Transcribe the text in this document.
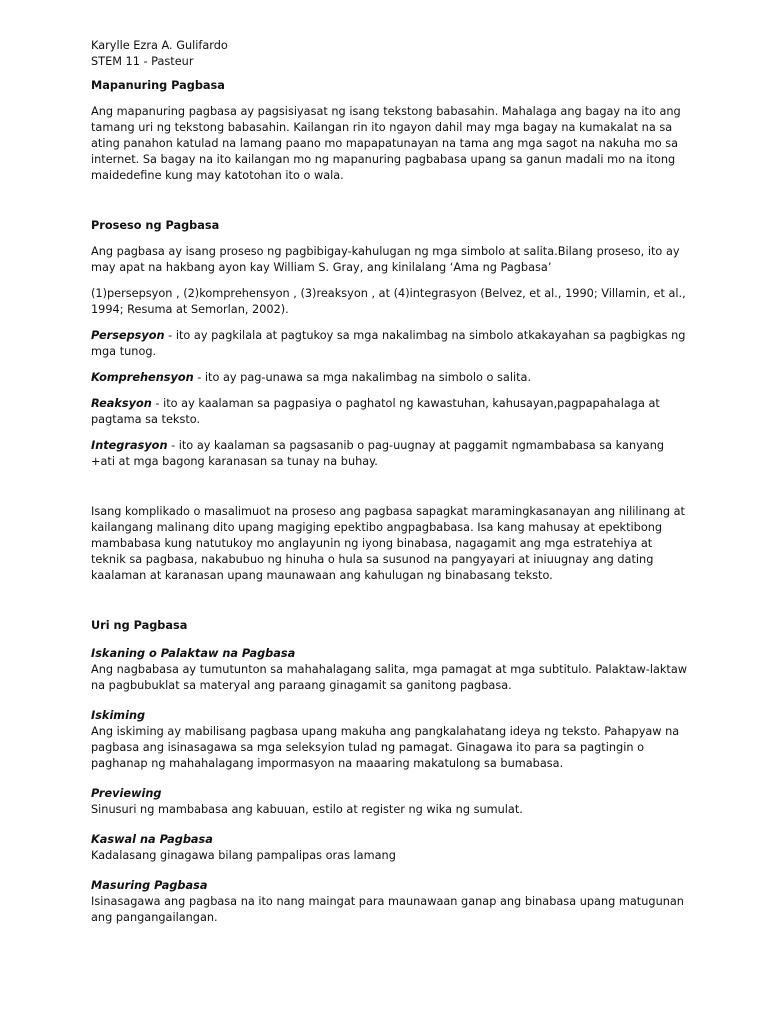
Karylle Ezra A. Gulifardo

STEM 11 - Pasteur

Mapanuring Pagbasa

Ang mapanuring pagbasa ay pagsisiyasat ng isang tekstong babasahin. Mahalaga ang bagay na ito ang tamang uri ng tekstong babasahin. Kailangan rin ito ngayon dahil may mga bagay na kumakalat na sa ating panahon katulad na lamang paano mo mapapatunayan na tama ang mga sagot na nakuha mo sa internet. Sa bagay na ito kailangan mo ng mapanuring pagbabasa upang sa ganun madali mo na itong maidedefine kung may katotohan ito o wala.

Proseso ng Pagbasa

Ang pagbasa ay isang proseso ng pagbibigay-kahulugan ng mga simbolo at salita.Bilang proseso, ito ay may apat na hakbang ayon kay William S. Gray, ang kinilalang ‘Ama ng Pagbasa’

(1)persepsyon , (2)komprehensyon , (3)reaksyon , at (4)integrasyon (Belvez, et al., 1990; Villamin, et al., 1994; Resuma at Semorlan, 2002).

Persepsyon - ito ay pagkilala at pagtukoy sa mga nakalimbag na simbolo atkakayahan sa pagbigkas ng mga tunog.

Komprehensyon - ito ay pag-unawa sa mga nakalimbag na simbolo o salita.

Reaksyon - ito ay kaalaman sa pagpasiya o paghatol ng kawastuhan, kahusayan,pagpapahalaga at pagtama sa teksto.

Integrasyon - ito ay kaalaman sa pagsasanib o pag-uugnay at paggamit ngmambabasa sa kanyang +ati at mga bagong karanasan sa tunay na buhay.

Isang komplikado o masalimuot na proseso ang pagbasa sapagkat maramingkasanayan ang nililinang at kailangang malinang dito upang magiging epektibo angpagbabasa. Isa kang mahusay at epektibong mambabasa kung natutukoy mo anglayunin ng iyong binabasa, nagagamit ang mga estratehiya at teknik sa pagbasa, nakabubuo ng hinuha o hula sa susunod na pangyayari at iniuugnay ang dating kaalaman at karanasan upang maunawaan ang kahulugan ng binabasang teksto.

Uri ng Pagbasa

Iskaning o Palaktaw na Pagbasa

Ang nagbabasa ay tumutunton sa mahahalagang salita, mga pamagat at mga subtitulo. Palaktaw-laktaw na pagbubuklat sa materyal ang paraang ginagamit sa ganitong pagbasa.

Iskiming

Ang iskiming ay mabilisang pagbasa upang makuha ang pangkalahatang ideya ng teksto. Pahapyaw na pagbasa ang isinasagawa sa mga seleksyion tulad ng pamagat. Ginagawa ito para sa pagtingin o paghanap ng mahahalagang impormasyon na maaaring makatulong sa bumabasa.

Previewing

Sinusuri ng mambabasa ang kabuuan, estilo at register ng wika ng sumulat.

Kaswal na Pagbasa

Kadalasang ginagawa bilang pampalipas oras lamang

Masuring Pagbasa

Isinasagawa ang pagbasa na ito nang maingat para maunawaan ganap ang binabasa upang matugunan ang pangangailangan.
